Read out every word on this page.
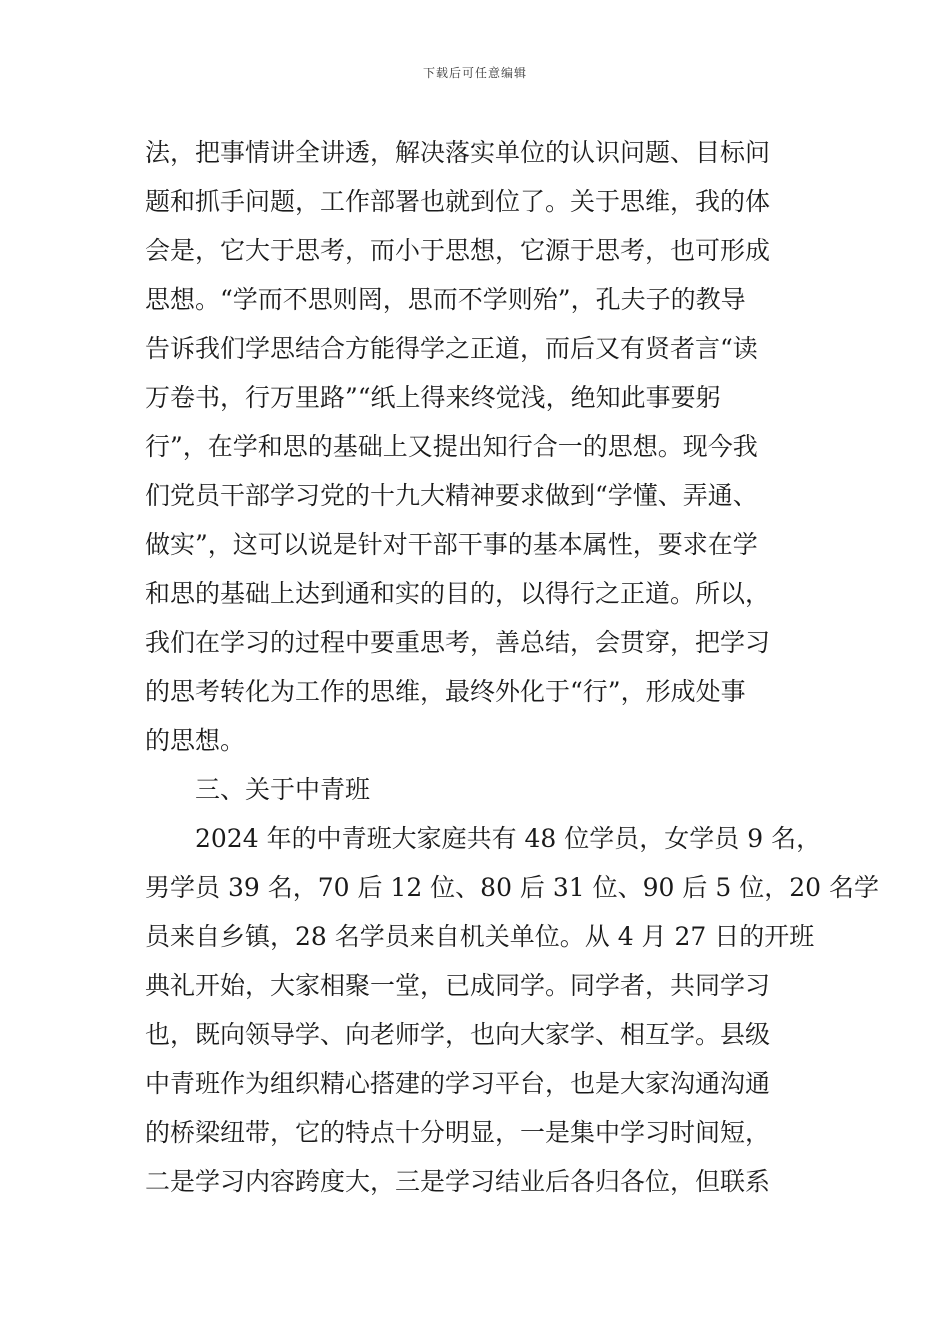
下载后可任意编辑
法，把事情讲全讲透，解决落实单位的认识问题、目标问
题和抓手问题，工作部署也就到位了。关于思维，我的体
会是，它大于思考，而小于思想，它源于思考，也可形成
思想。“学而不思则罔，思而不学则殆”，孔夫子的教导
告诉我们学思结合方能得学之正道，而后又有贤者言“读
万卷书，行万里路”“纸上得来终觉浅，绝知此事要躬
行”，在学和思的基础上又提出知行合一的思想。现今我
们党员干部学习党的十九大精神要求做到“学懂、弄通、
做实”，这可以说是针对干部干事的基本属性，要求在学
和思的基础上达到通和实的目的，以得行之正道。所以，
我们在学习的过程中要重思考，善总结，会贯穿，把学习
的思考转化为工作的思维，最终外化于“行”，形成处事
的思想。
三、关于中青班
2024 年的中青班大家庭共有 48 位学员，女学员 9 名，
男学员 39 名，70 后 12 位、80 后 31 位、90 后 5 位，20 名学
员来自乡镇，28 名学员来自机关单位。从 4 月 27 日的开班
典礼开始，大家相聚一堂，已成同学。同学者，共同学习
也，既向领导学、向老师学，也向大家学、相互学。县级
中青班作为组织精心搭建的学习平台，也是大家沟通沟通
的桥梁纽带，它的特点十分明显，一是集中学习时间短，
二是学习内容跨度大，三是学习结业后各归各位，但联系
